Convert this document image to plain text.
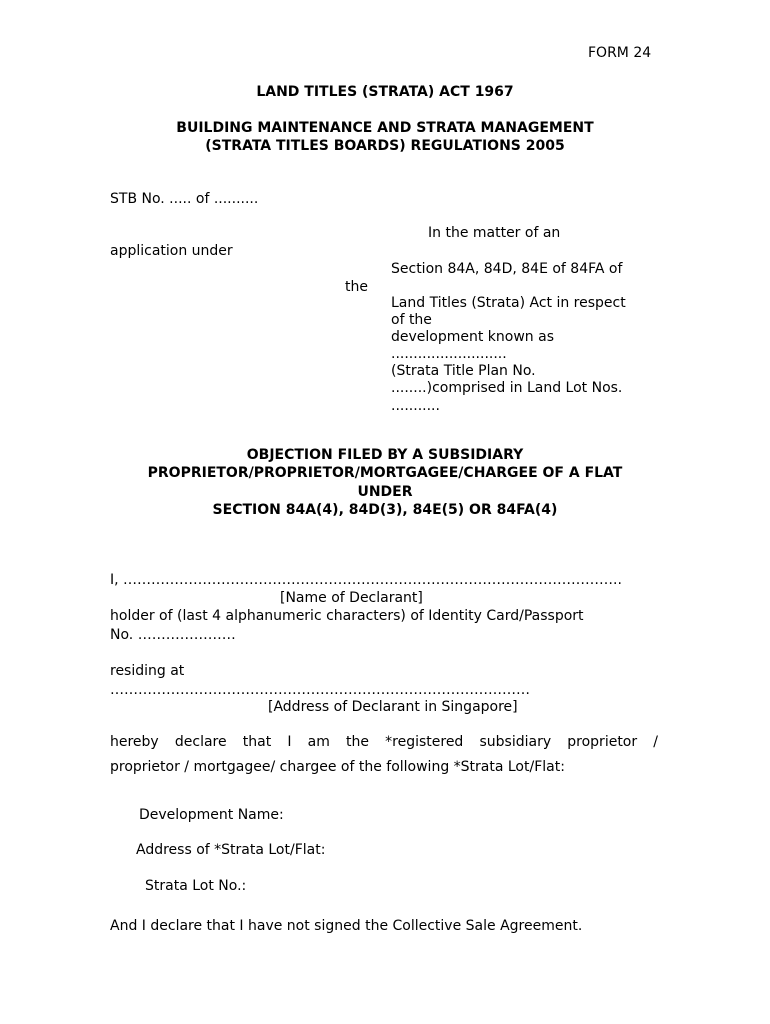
FORM 24
LAND TITLES (STRATA) ACT 1967
BUILDING MAINTENANCE AND STRATA MANAGEMENT
(STRATA TITLES BOARDS) REGULATIONS 2005
STB No. ..... of ..........
In the matter of an
application under
Section 84A, 84D, 84E of 84FA of
the
Land Titles (Strata) Act in respect
of the
development known as
..........................
(Strata Title Plan No.
........)comprised in Land Lot Nos.
...........
OBJECTION FILED BY A SUBSIDIARY
PROPRIETOR/PROPRIETOR/MORTGAGEE/CHARGEE OF A FLAT
UNDER
SECTION 84A(4), 84D(3), 84E(5) OR 84FA(4)
I, ……………………………………………………………………………………………..
[Name of Declarant]
holder of (last 4 alphanumeric characters) of Identity Card/Passport
No. …………………
residing at
………………………………………………………………………………
[Address of Declarant in Singapore]
hereby declare that I am the *registered subsidiary proprietor /
proprietor / mortgagee/ chargee of the following *Strata Lot/Flat:
Development Name:
Address of *Strata Lot/Flat:
Strata Lot No.:
And I declare that I have not signed the Collective Sale Agreement.
